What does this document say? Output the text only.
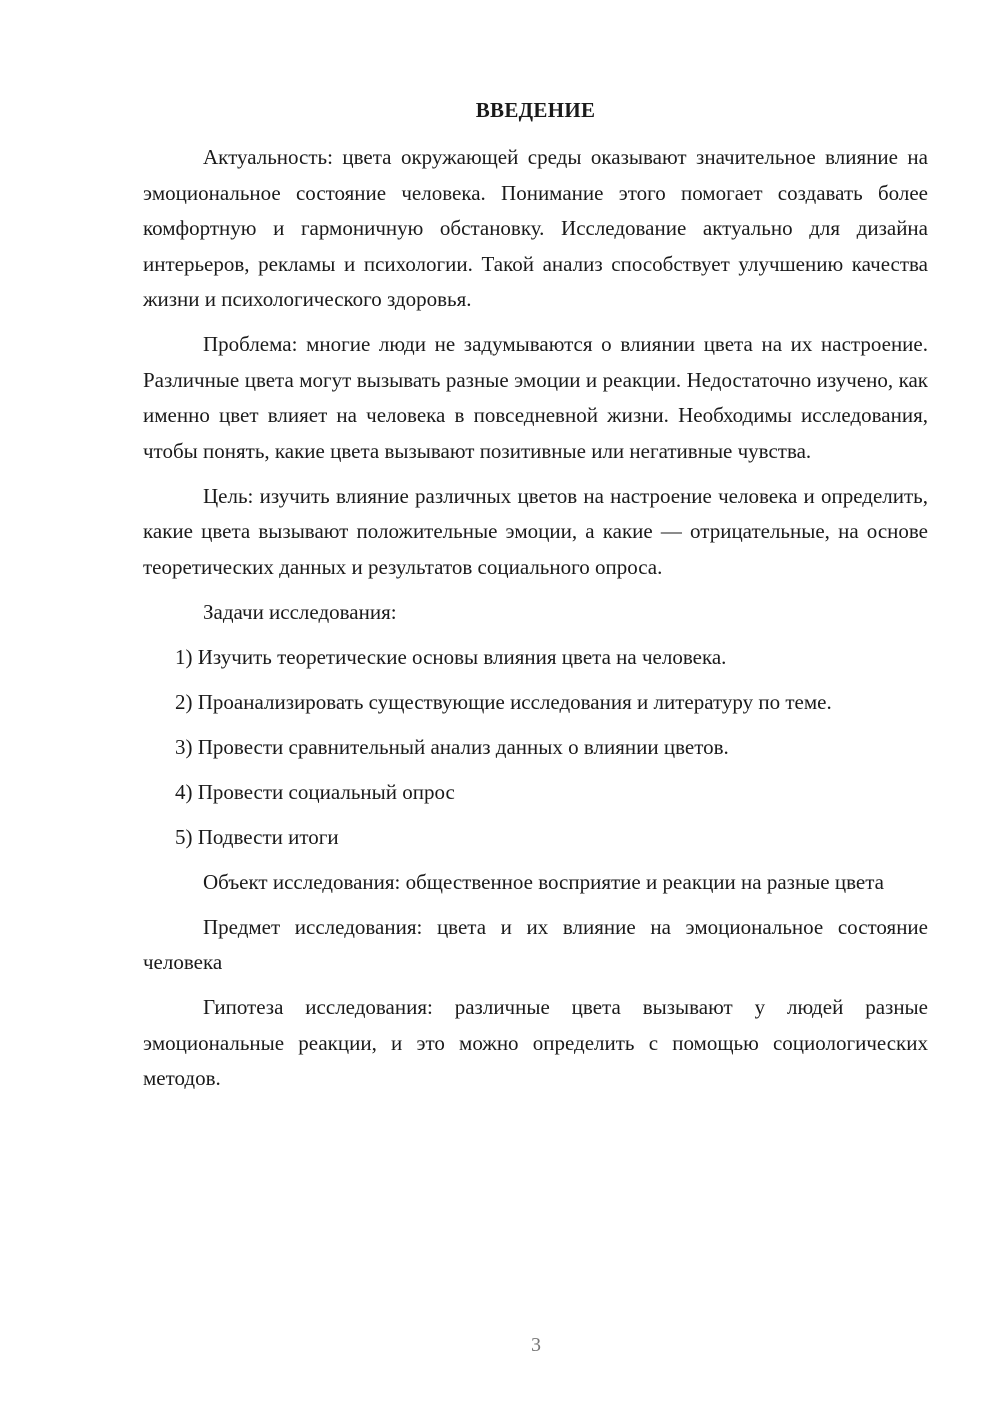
ВВЕДЕНИЕ

Актуальность: цвета окружающей среды оказывают значительное влияние на эмоциональное состояние человека. Понимание этого помогает создавать более комфортную и гармоничную обстановку. Исследование актуально для дизайна интерьеров, рекламы и психологии. Такой анализ способствует улучшению качества жизни и психологического здоровья.

Проблема: многие люди не задумываются о влиянии цвета на их настроение. Различные цвета могут вызывать разные эмоции и реакции. Недостаточно изучено, как именно цвет влияет на человека в повседневной жизни. Необходимы исследования, чтобы понять, какие цвета вызывают позитивные или негативные чувства.

Цель: изучить влияние различных цветов на настроение человека и определить, какие цвета вызывают положительные эмоции, а какие — отрицательные, на основе теоретических данных и результатов социального опроса.

Задачи исследования:

1) Изучить теоретические основы влияния цвета на человека.

2) Проанализировать существующие исследования и литературу по теме.

3) Провести сравнительный анализ данных о влиянии цветов.

4) Провести социальный опрос

5) Подвести итоги

Объект исследования: общественное восприятие и реакции на разные цвета

Предмет исследования: цвета и их влияние на эмоциональное состояние человека

Гипотеза исследования: различные цвета вызывают у людей разные эмоциональные реакции, и это можно определить с помощью социологических методов.

3
